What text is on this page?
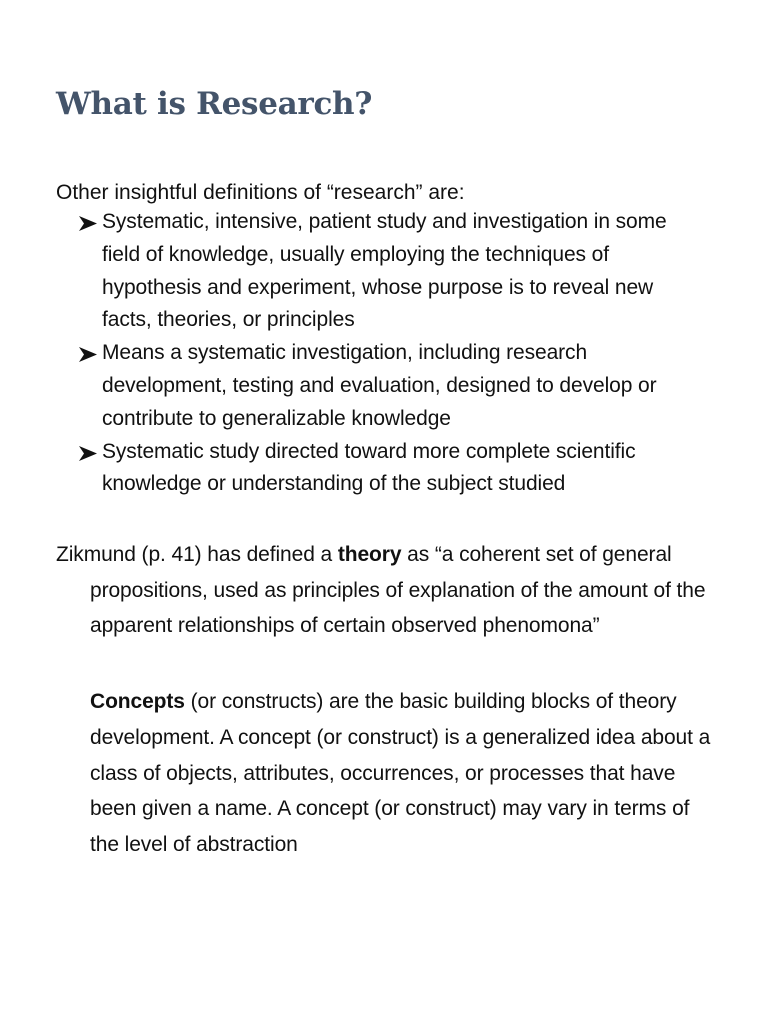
What is Research?

Other insightful definitions of “research” are:

Systematic, intensive, patient study and investigation in some field of knowledge, usually employing the techniques of hypothesis and experiment, whose purpose is to reveal new facts, theories, or principles
Means a systematic investigation, including research development, testing and evaluation, designed to develop or contribute to generalizable knowledge
Systematic study directed toward more complete scientific knowledge or understanding of the subject studied

Zikmund (p. 41) has defined a theory as “a coherent set of general propositions, used as principles of explanation of the amount of the apparent relationships of certain observed phenomona”

Concepts (or constructs) are the basic building blocks of theory development. A concept (or construct) is a generalized idea about a class of objects, attributes, occurrences, or processes that have been given a name. A concept (or construct) may vary in terms of the level of abstraction
